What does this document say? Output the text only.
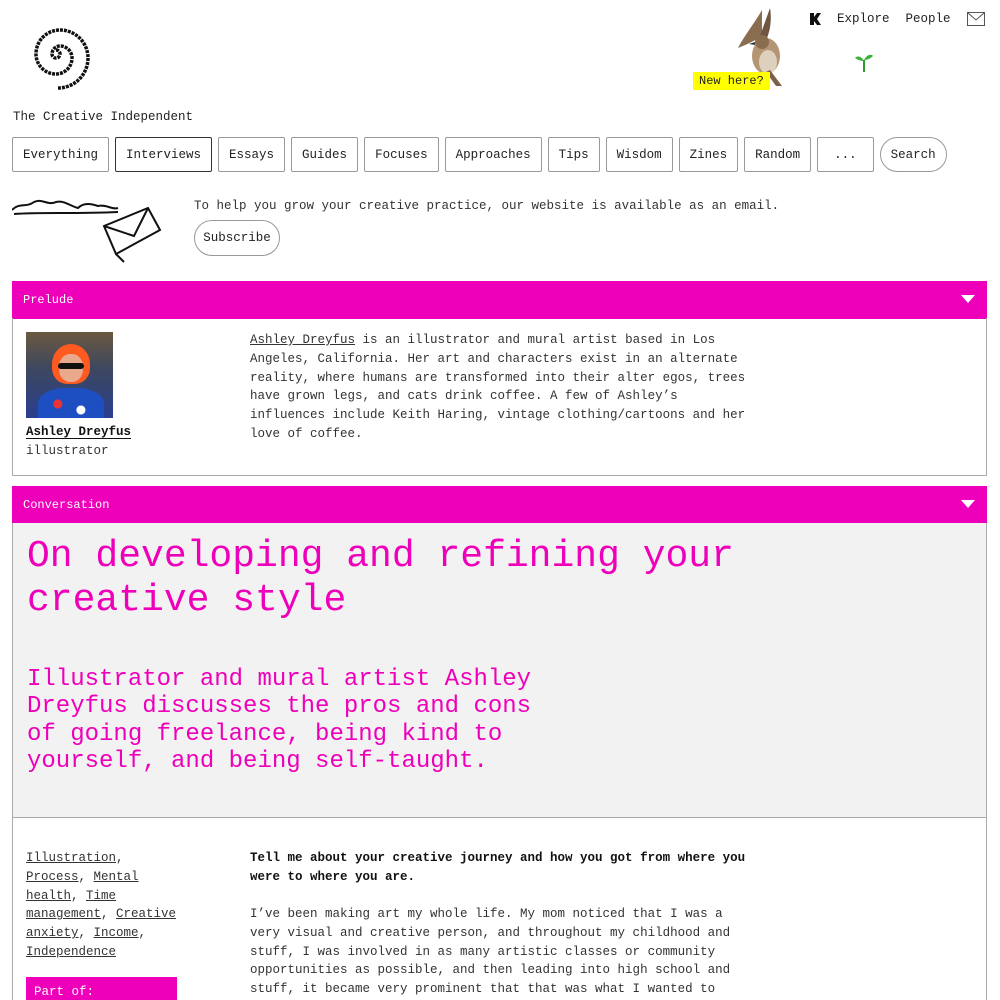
The Creative Independent
New here?
Explore People
Everything	Interviews	Essays	Guides	Focuses	Approaches	Tips	Wisdom	Zines	Random	...	Search
To help you grow your creative practice, our website is available as an email.
Subscribe
Prelude
Ashley Dreyfus
illustrator
Ashley Dreyfus is an illustrator and mural artist based in Los Angeles, California. Her art and characters exist in an alternate reality, where humans are transformed into their alter egos, trees have grown legs, and cats drink coffee. A few of Ashley’s influences include Keith Haring, vintage clothing/cartoons and her love of coffee.
Conversation
On developing and refining your creative style
Illustrator and mural artist Ashley Dreyfus discusses the pros and cons of going freelance, being kind to yourself, and being self-taught.
Illustration, Process, Mental health, Time management, Creative anxiety, Income, Independence
Part of:
Tell me about your creative journey and how you got from where you were to where you are.
I’ve been making art my whole life. My mom noticed that I was a very visual and creative person, and throughout my childhood and stuff, I was involved in as many artistic classes or community opportunities as possible, and then leading into high school and stuff, it became very prominent that that was what I wanted to
